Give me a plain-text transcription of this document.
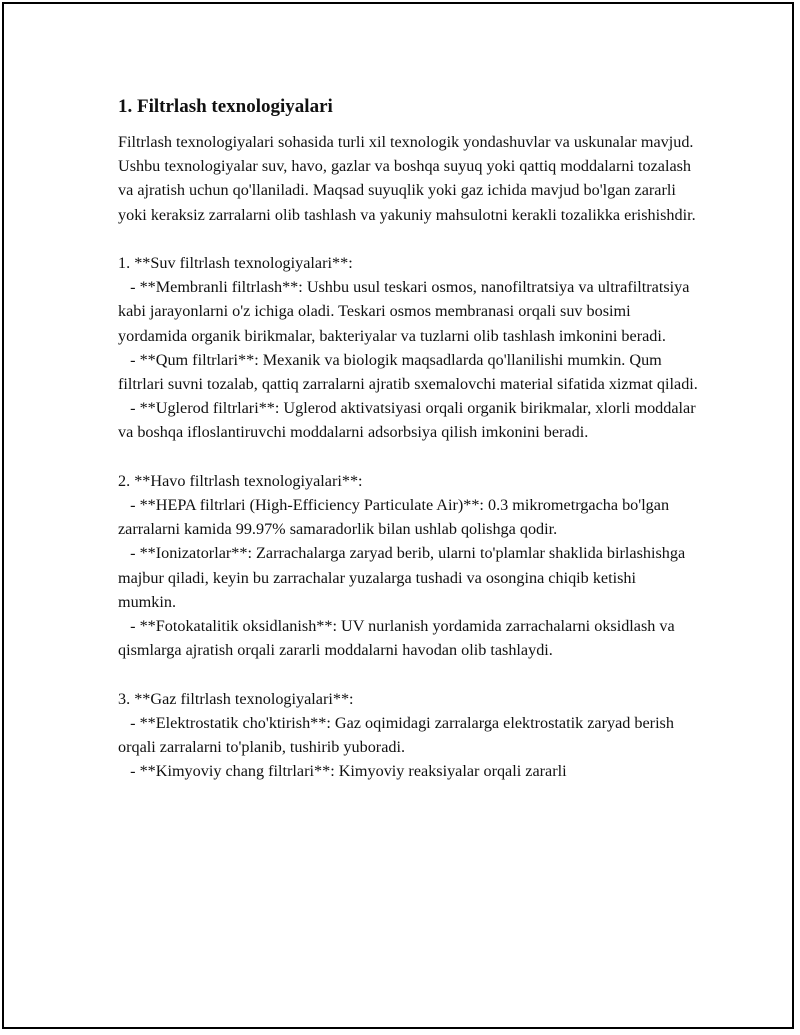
1. Filtrlash texnologiyalari

Filtrlash texnologiyalari sohasida turli xil texnologik yondashuvlar va uskunalar mavjud. Ushbu texnologiyalar suv, havo, gazlar va boshqa suyuq yoki qattiq moddalarni tozalash va ajratish uchun qo'llaniladi. Maqsad suyuqlik yoki gaz ichida mavjud bo'lgan zararli yoki keraksiz zarralarni olib tashlash va yakuniy mahsulotni kerakli tozalikka erishishdir.

1. **Suv filtrlash texnologiyalari**:

- **Membranli filtrlash**: Ushbu usul teskari osmos, nanofiltratsiya va ultrafiltratsiya kabi jarayonlarni o'z ichiga oladi. Teskari osmos membranasi orqali suv bosimi yordamida organik birikmalar, bakteriyalar va tuzlarni olib tashlash imkonini beradi.

- **Qum filtrlari**: Mexanik va biologik maqsadlarda qo'llanilishi mumkin. Qum filtrlari suvni tozalab, qattiq zarralarni ajratib sxemalovchi material sifatida xizmat qiladi.

- **Uglerod filtrlari**: Uglerod aktivatsiyasi orqali organik birikmalar, xlorli moddalar va boshqa ifloslantiruvchi moddalarni adsorbsiya qilish imkonini beradi.

2. **Havo filtrlash texnologiyalari**:

- **HEPA filtrlari (High-Efficiency Particulate Air)**: 0.3 mikrometrgacha bo'lgan zarralarni kamida 99.97% samaradorlik bilan ushlab qolishga qodir.

- **Ionizatorlar**: Zarrachalarga zaryad berib, ularni to'plamlar shaklida birlashishga majbur qiladi, keyin bu zarrachalar yuzalarga tushadi va osongina chiqib ketishi mumkin.

- **Fotokatalitik oksidlanish**: UV nurlanish yordamida zarrachalarni oksidlash va qismlarga ajratish orqali zararli moddalarni havodan olib tashlaydi.

3. **Gaz filtrlash texnologiyalari**:

- **Elektrostatik cho'ktirish**: Gaz oqimidagi zarralarga elektrostatik zaryad berish orqali zarralarni to'planib, tushirib yuboradi.

- **Kimyoviy chang filtrlari**: Kimyoviy reaksiyalar orqali zararli
